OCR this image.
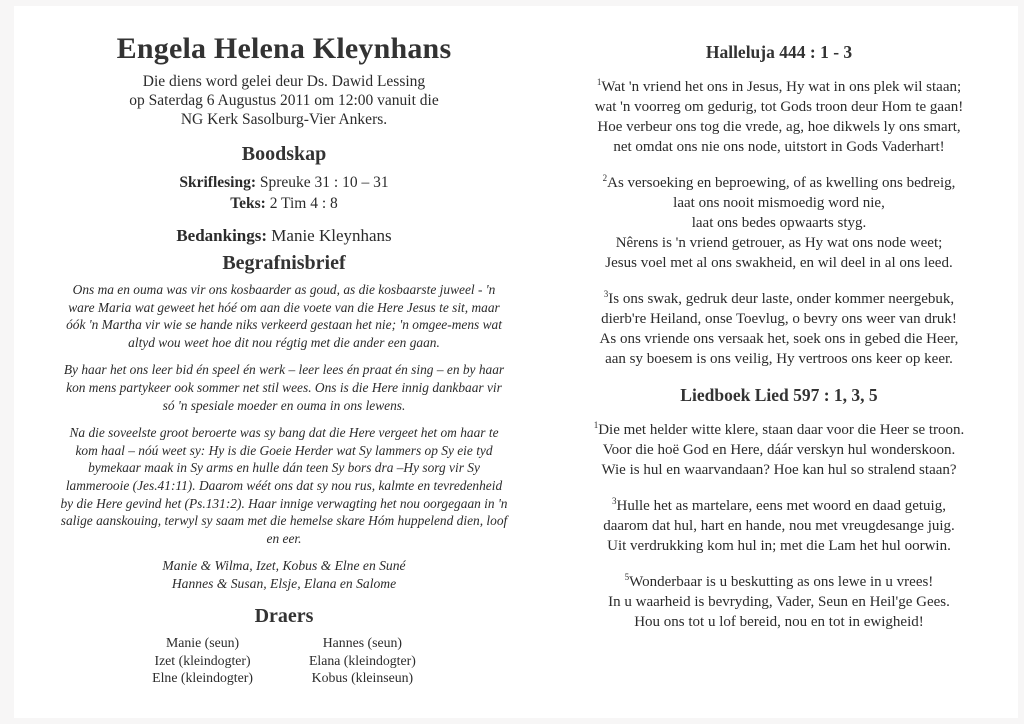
Engela Helena Kleynhans
Die diens word gelei deur Ds. Dawid Lessing
op Saterdag 6 Augustus 2011 om 12:00 vanuit die
NG Kerk Sasolburg-Vier Ankers.
Boodskap
Skriflesing: Spreuke 31 : 10 – 31
Teks: 2 Tim 4 : 8
Bedankings: Manie Kleynhans
Begrafnisbrief

Ons ma en ouma was vir ons kosbaarder as goud, as die kosbaarste juweel - 'n ware Maria wat geweet het hóé om aan die voete van die Here Jesus te sit, maar óók 'n Martha vir wie se hande niks verkeerd gestaan het nie; 'n omgee-mens wat altyd wou weet hoe dit nou régtig met die ander een gaan.

By haar het ons leer bid én speel én werk – leer lees én praat én sing – en by haar kon mens partykeer ook sommer net stil wees. Ons is die Here innig dankbaar vir só 'n spesiale moeder en ouma in ons lewens.

Na die soveelste groot beroerte was sy bang dat die Here vergeet het om haar te kom haal – nóú weet sy: Hy is die Goeie Herder wat Sy lammers op Sy eie tyd bymekaar maak in Sy arms en hulle dán teen Sy bors dra –Hy sorg vir Sy lammerooie (Jes.41:11). Daarom wéét ons dat sy nou rus, kalmte en tevredenheid by die Here gevind het (Ps.131:2). Haar innige verwagting het nou oorgegaan in 'n salige aanskouing, terwyl sy saam met die hemelse skare Hóm huppelend dien, loof en eer.

Manie & Wilma, Izet, Kobus & Elne en Suné
Hannes & Susan, Elsje, Elana en Salome
Draers
Manie (seun)
Izet (kleindogter)
Elne (kleindogter)
Hannes (seun)
Elana (kleindogter)
Kobus (kleinseun)
Halleluja 444 : 1 - 3
$^1$Wat 'n vriend het ons in Jesus, Hy wat in ons plek wil staan;
wat 'n voorreg om gedurig, tot Gods troon deur Hom te gaan!
Hoe verbeur ons tog die vrede, ag, hoe dikwels ly ons smart,
net omdat ons nie ons node, uitstort in Gods Vaderhart!
$^2$As versoeking en beproewing, of as kwelling ons bedreig,
laat ons nooit mismoedig word nie,
laat ons bedes opwaarts styg.
Nêrens is 'n vriend getrouer, as Hy wat ons node weet;
Jesus voel met al ons swakheid, en wil deel in al ons leed.
$^3$Is ons swak, gedruk deur laste, onder kommer neergebuk,
dierb're Heiland, onse Toevlug, o bevry ons weer van druk!
As ons vriende ons versaak het, soek ons in gebed die Heer,
aan sy boesem is ons veilig, Hy vertroos ons keer op keer.
Liedboek Lied 597 : 1, 3, 5
$^1$Die met helder witte klere, staan daar voor die Heer se troon.
Voor die hoë God en Here, dáár verskyn hul wonderskoon.
Wie is hul en waarvandaan? Hoe kan hul so stralend staan?
$^3$Hulle het as martelare, eens met woord en daad getuig,
daarom dat hul, hart en hande, nou met vreugdesange juig.
Uit verdrukking kom hul in; met die Lam het hul oorwin.
$^5$Wonderbaar is u beskutting as ons lewe in u vrees!
In u waarheid is bevryding, Vader, Seun en Heil'ge Gees.
Hou ons tot u lof bereid, nou en tot in ewigheid!
